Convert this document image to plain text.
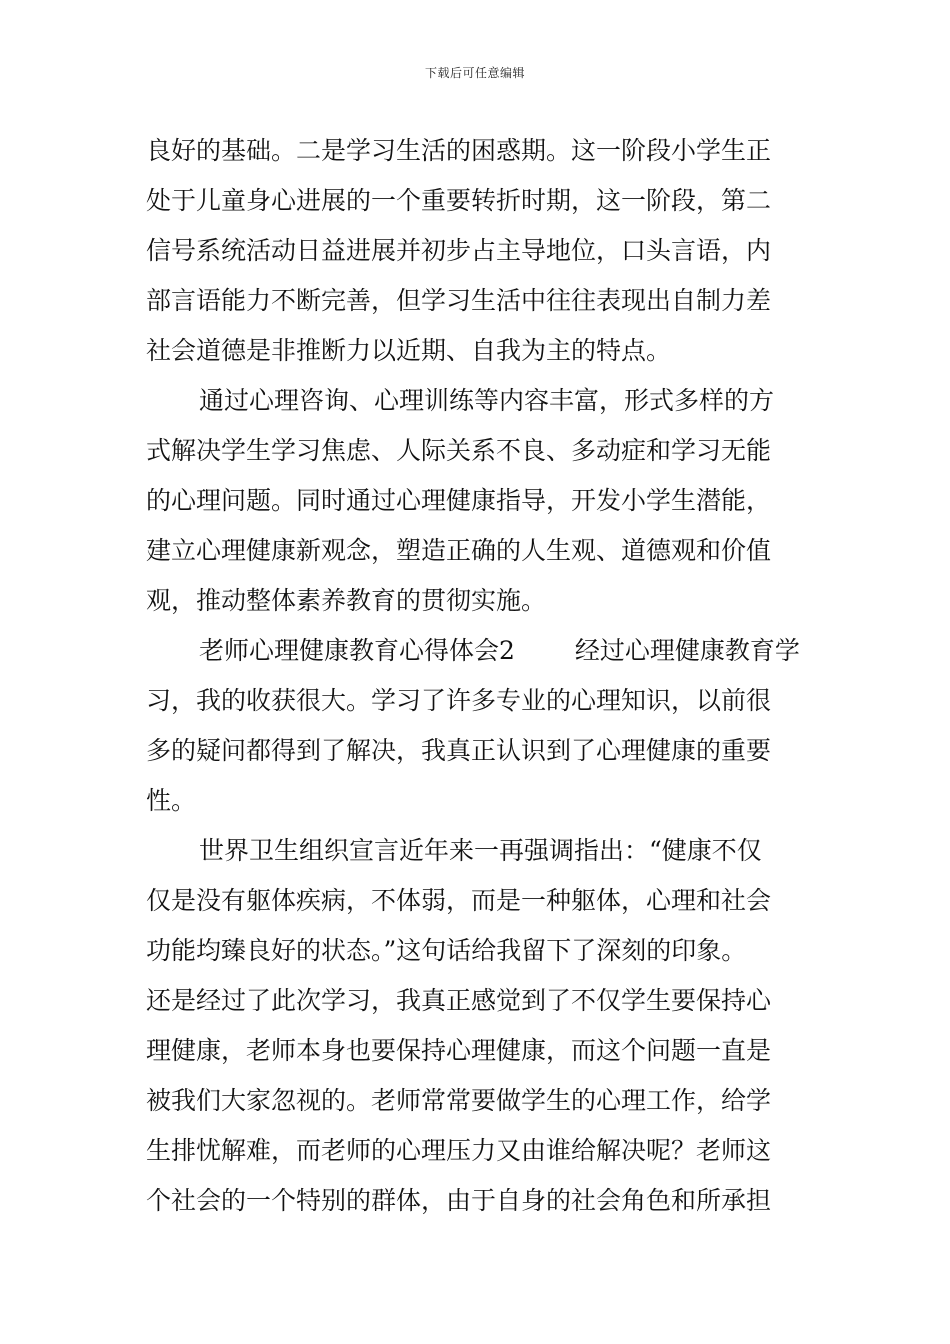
下载后可任意编辑
良好的基础。二是学习生活的困惑期。这一阶段小学生正
处于儿童身心进展的一个重要转折时期，这一阶段，第二
信号系统活动日益进展并初步占主导地位，口头言语，内
部言语能力不断完善，但学习生活中往往表现出自制力差
社会道德是非推断力以近期、自我为主的特点。
通过心理咨询、心理训练等内容丰富，形式多样的方
式解决学生学习焦虑、人际关系不良、多动症和学习无能
的心理问题。同时通过心理健康指导，开发小学生潜能，
建立心理健康新观念，塑造正确的人生观、道德观和价值
观，推动整体素养教育的贯彻实施。
老师心理健康教育心得体会2 经过心理健康教育学
习，我的收获很大。学习了许多专业的心理知识，以前很
多的疑问都得到了解决，我真正认识到了心理健康的重要
性。
世界卫生组织宣言近年来一再强调指出：“健康不仅
仅是没有躯体疾病，不体弱，而是一种躯体，心理和社会
功能均臻良好的状态。”这句话给我留下了深刻的印象。
还是经过了此次学习，我真正感觉到了不仅学生要保持心
理健康，老师本身也要保持心理健康，而这个问题一直是
被我们大家忽视的。老师常常要做学生的心理工作，给学
生排忧解难，而老师的心理压力又由谁给解决呢？老师这
个社会的一个特别的群体，由于自身的社会角色和所承担
